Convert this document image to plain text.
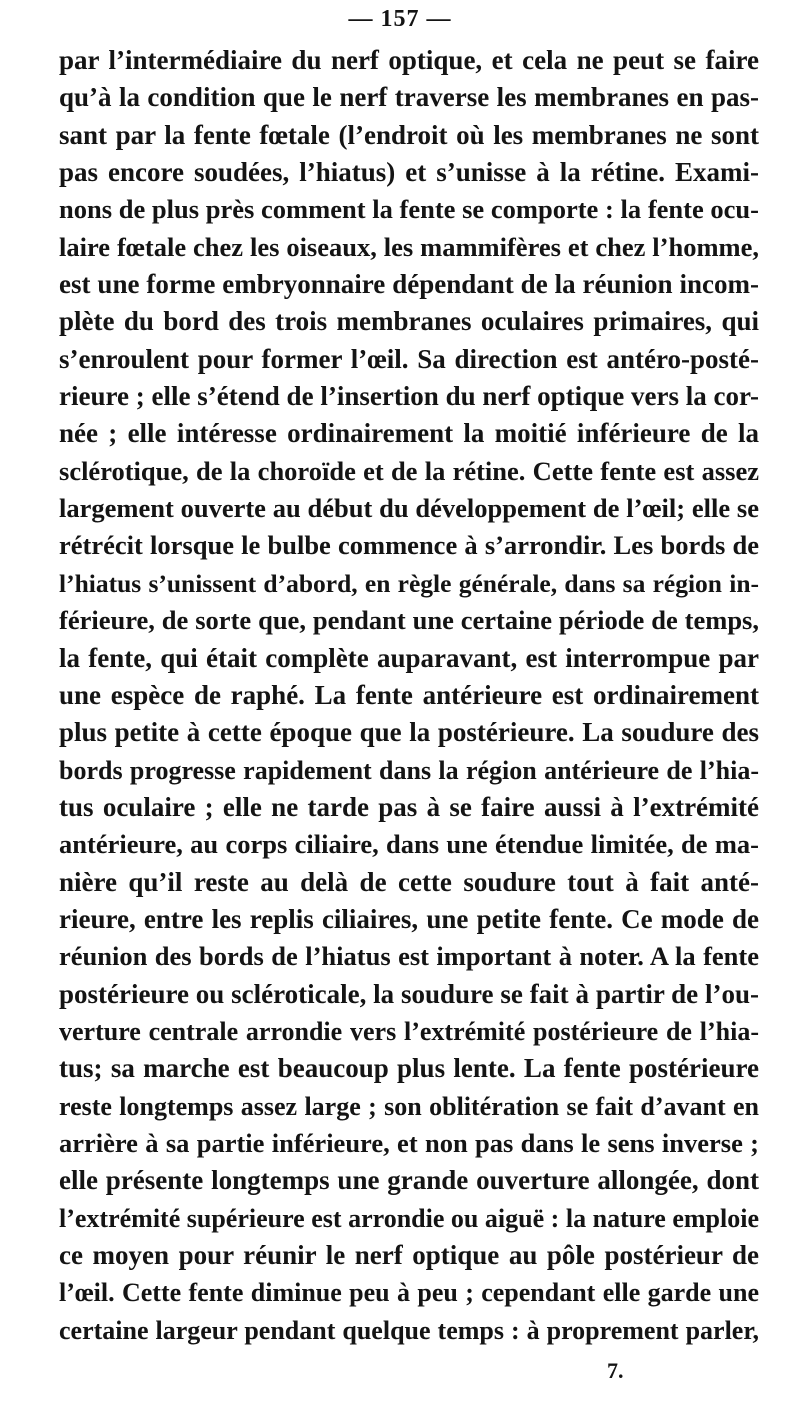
— 157 —
par l’intermédiaire du nerf optique, et cela ne peut se faire
qu’à la condition que le nerf traverse les membranes en pas-
sant par la fente fœtale (l’endroit où les membranes ne sont
pas encore soudées, l’hiatus) et s’unisse à la rétine. Exami-
nons de plus près comment la fente se comporte : la fente ocu-
laire fœtale chez les oiseaux, les mammifères et chez l’homme,
est une forme embryonnaire dépendant de la réunion incom-
plète du bord des trois membranes oculaires primaires, qui
s’enroulent pour former l’œil. Sa direction est antéro-posté-
rieure ; elle s’étend de l’insertion du nerf optique vers la cor-
née ; elle intéresse ordinairement la moitié inférieure de la
sclérotique, de la choroïde et de la rétine. Cette fente est assez
largement ouverte au début du développement de l’œil; elle se
rétrécit lorsque le bulbe commence à s’arrondir. Les bords de
l’hiatus s’unissent d’abord, en règle générale, dans sa région in-
férieure, de sorte que, pendant une certaine période de temps,
la fente, qui était complète auparavant, est interrompue par
une espèce de raphé. La fente antérieure est ordinairement
plus petite à cette époque que la postérieure. La soudure des
bords progresse rapidement dans la région antérieure de l’hia-
tus oculaire ; elle ne tarde pas à se faire aussi à l’extrémité
antérieure, au corps ciliaire, dans une étendue limitée, de ma-
nière qu’il reste au delà de cette soudure tout à fait anté-
rieure, entre les replis ciliaires, une petite fente. Ce mode de
réunion des bords de l’hiatus est important à noter. A la fente
postérieure ou scléroticale, la soudure se fait à partir de l’ou-
verture centrale arrondie vers l’extrémité postérieure de l’hia-
tus; sa marche est beaucoup plus lente. La fente postérieure
reste longtemps assez large ; son oblitération se fait d’avant en
arrière à sa partie inférieure, et non pas dans le sens inverse ;
elle présente longtemps une grande ouverture allongée, dont
l’extrémité supérieure est arrondie ou aiguë : la nature emploie
ce moyen pour réunir le nerf optique au pôle postérieur de
l’œil. Cette fente diminue peu à peu ; cependant elle garde une
certaine largeur pendant quelque temps : à proprement parler,
7.
